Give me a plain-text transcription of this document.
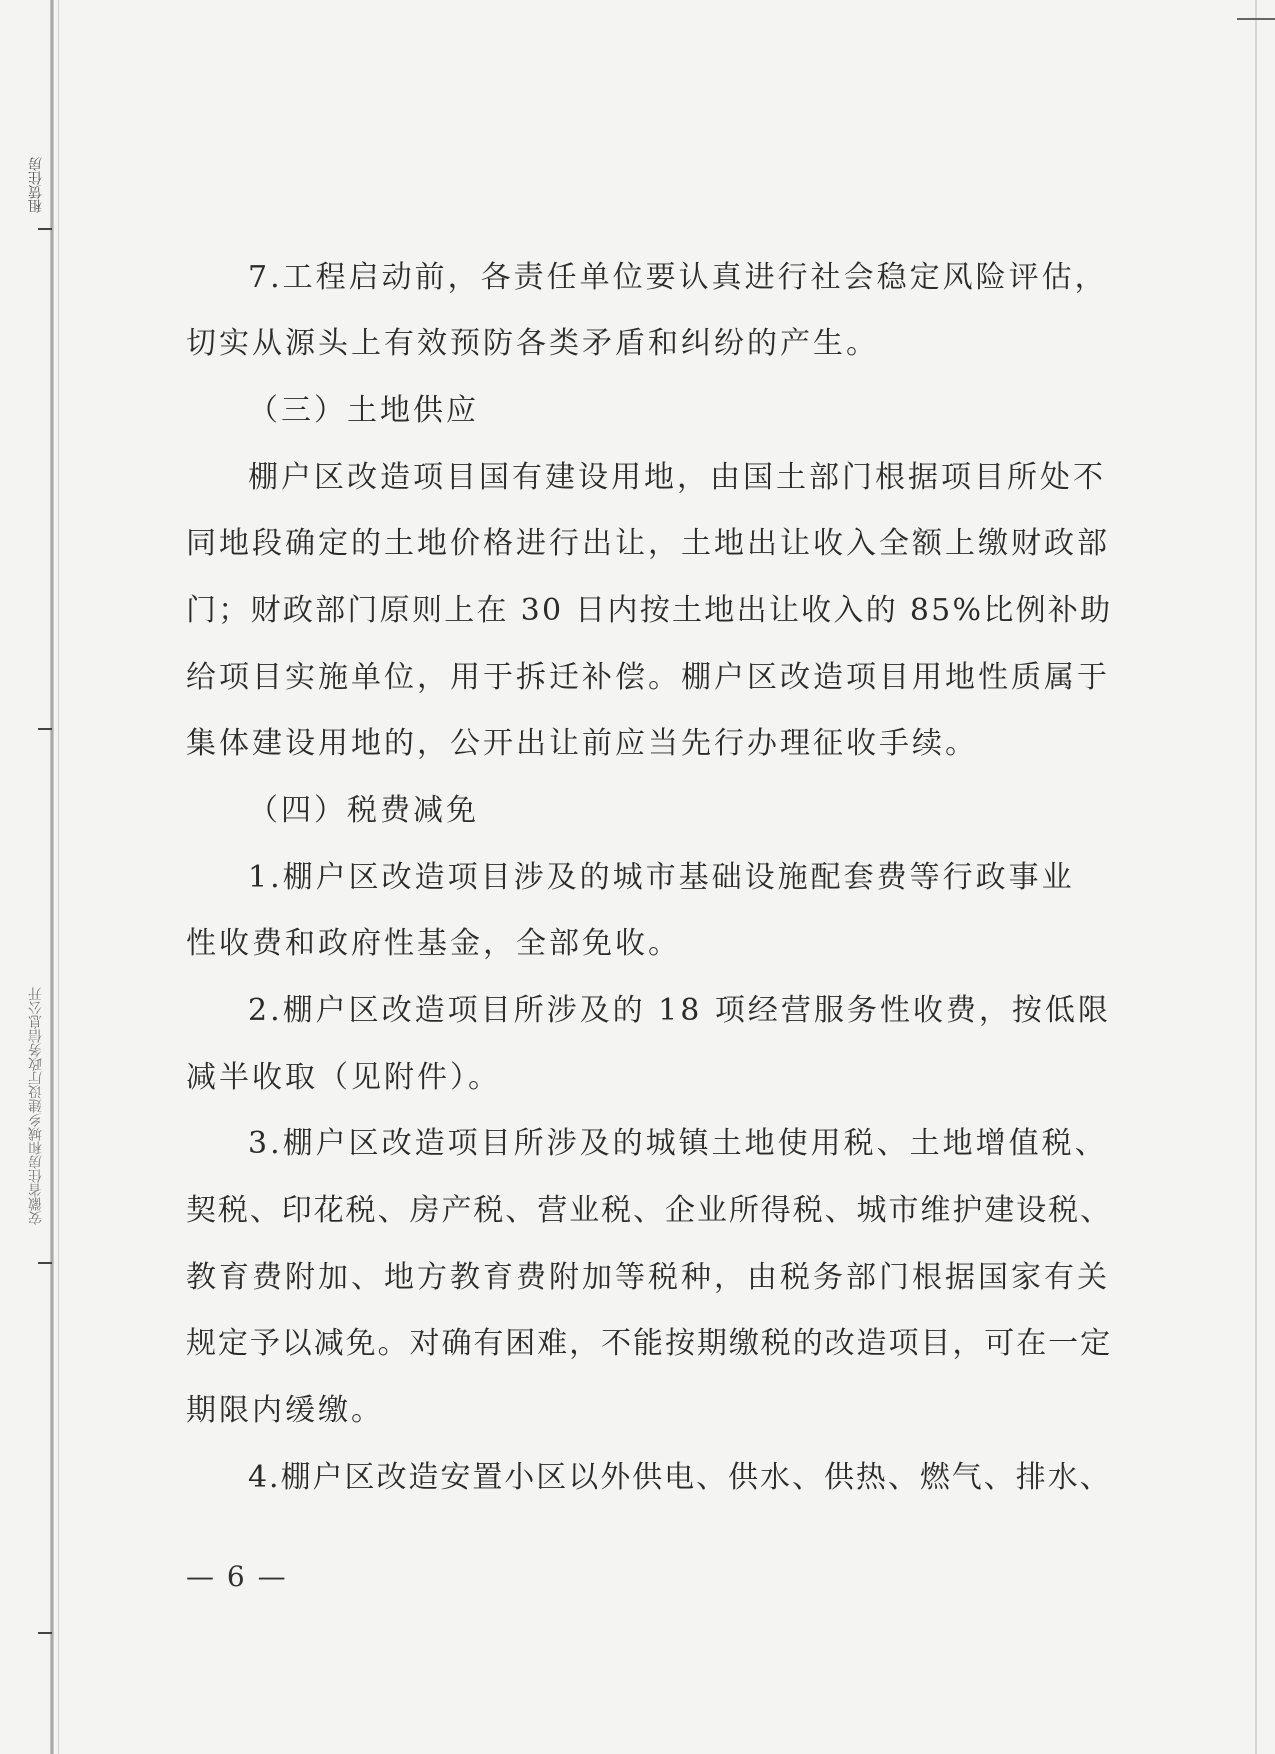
租赁住房
安徽省住房和城乡建设厅政务信息公开
7.工程启动前，各责任单位要认真进行社会稳定风险评估，
切实从源头上有效预防各类矛盾和纠纷的产生。
（三）土地供应
棚户区改造项目国有建设用地，由国土部门根据项目所处不
同地段确定的土地价格进行出让，土地出让收入全额上缴财政部
门；财政部门原则上在 30 日内按土地出让收入的 85%比例补助
给项目实施单位，用于拆迁补偿。棚户区改造项目用地性质属于
集体建设用地的，公开出让前应当先行办理征收手续。
（四）税费减免
1.棚户区改造项目涉及的城市基础设施配套费等行政事业
性收费和政府性基金，全部免收。
2.棚户区改造项目所涉及的 18 项经营服务性收费，按低限
减半收取（见附件）。
3.棚户区改造项目所涉及的城镇土地使用税、土地增值税、
契税、印花税、房产税、营业税、企业所得税、城市维护建设税、
教育费附加、地方教育费附加等税种，由税务部门根据国家有关
规定予以减免。对确有困难，不能按期缴税的改造项目，可在一定
期限内缓缴。
4.棚户区改造安置小区以外供电、供水、供热、燃气、排水、
— 6 —
